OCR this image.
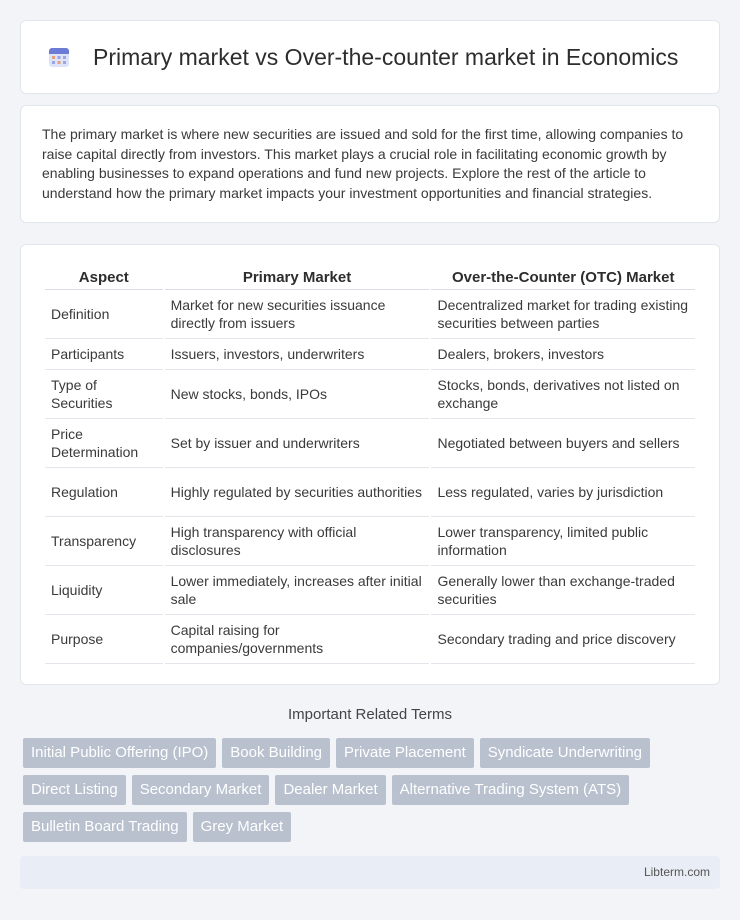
Primary market vs Over-the-counter market in Economics

The primary market is where new securities are issued and sold for the first time, allowing companies to raise capital directly from investors. This market plays a crucial role in facilitating economic growth by enabling businesses to expand operations and fund new projects. Explore the rest of the article to understand how the primary market impacts your investment opportunities and financial strategies.

Aspect	Primary Market	Over-the-Counter (OTC) Market
Definition	Market for new securities issuance directly from issuers	Decentralized market for trading existing securities between parties
Participants	Issuers, investors, underwriters	Dealers, brokers, investors
Type of Securities	New stocks, bonds, IPOs	Stocks, bonds, derivatives not listed on exchange
Price Determination	Set by issuer and underwriters	Negotiated between buyers and sellers
Regulation	Highly regulated by securities authorities	Less regulated, varies by jurisdiction
Transparency	High transparency with official disclosures	Lower transparency, limited public information
Liquidity	Lower immediately, increases after initial sale	Generally lower than exchange-traded securities
Purpose	Capital raising for companies/governments	Secondary trading and price discovery
Important Related Terms
Initial Public Offering (IPO)	Book Building	Private Placement	Syndicate Underwriting
Direct Listing	Secondary Market	Dealer Market	Alternative Trading System (ATS)
Bulletin Board Trading	Grey Market
Libterm.com
